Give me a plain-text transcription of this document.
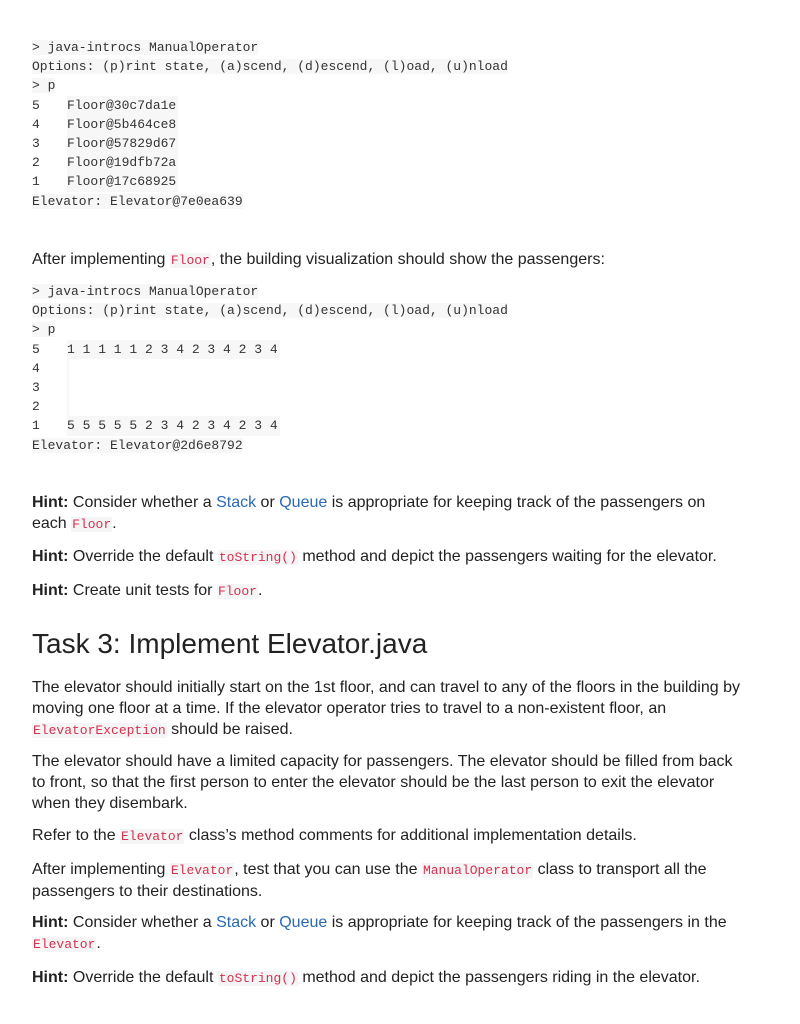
> java-introcs ManualOperator
Options: (p)rint state, (a)scend, (d)escend, (l)oad, (u)nload
> p
5	Floor@30c7da1e
4	Floor@5b464ce8
3	Floor@57829d67
2	Floor@19dfb72a
1	Floor@17c68925
Elevator: Elevator@7e0ea639

After implementing Floor, the building visualization should show the passengers:

> java-introcs ManualOperator
Options: (p)rint state, (a)scend, (d)escend, (l)oad, (u)nload
> p
5	1 1 1 1 1 2 3 4 2 3 4 2 3 4
4
3
2
1	5 5 5 5 5 2 3 4 2 3 4 2 3 4
Elevator: Elevator@2d6e8792

Hint: Consider whether a Stack or Queue is appropriate for keeping track of the passengers on each Floor.

Hint: Override the default toString() method and depict the passengers waiting for the elevator.

Hint: Create unit tests for Floor.

Task 3: Implement Elevator.java

The elevator should initially start on the 1st floor, and can travel to any of the floors in the building by moving one floor at a time. If the elevator operator tries to travel to a non-existent floor, an ElevatorException should be raised.

The elevator should have a limited capacity for passengers. The elevator should be filled from back to front, so that the first person to enter the elevator should be the last person to exit the elevator when they disembark.

Refer to the Elevator class’s method comments for additional implementation details.

After implementing Elevator, test that you can use the ManualOperator class to transport all the passengers to their destinations.

Hint: Consider whether a Stack or Queue is appropriate for keeping track of the passengers in the Elevator.

Hint: Override the default toString() method and depict the passengers riding in the elevator.
